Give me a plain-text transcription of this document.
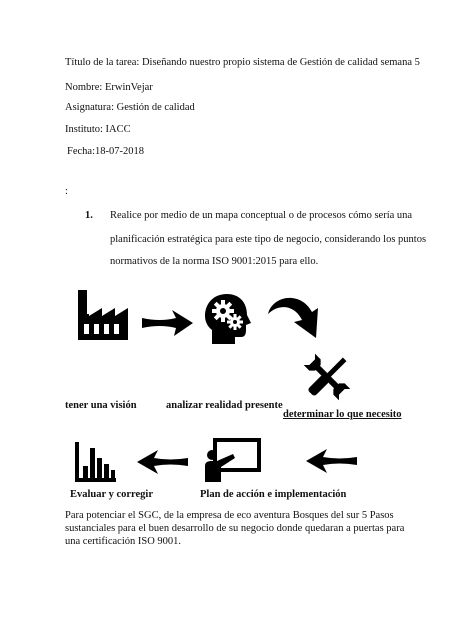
Título de la tarea: Diseñando nuestro propio sistema de Gestión de calidad semana 5
Nombre: ErwinVejar
Asignatura: Gestión de calidad
Instituto: IACC
Fecha:18-07-2018
:
1. Realice por medio de un mapa conceptual o de procesos cómo sería una
planificación estratégica para este tipo de negocio, considerando los puntos
normativos de la norma ISO 9001:2015 para ello.
tener una visión	analizar realidad presente
determinar lo que necesito
Evaluar y corregir	Plan de acción e implementación
Para potenciar el SGC, de la empresa de eco aventura Bosques del sur 5 Pasos sustanciales para el buen desarrollo de su negocio donde quedaran a puertas para una certificación ISO 9001.
